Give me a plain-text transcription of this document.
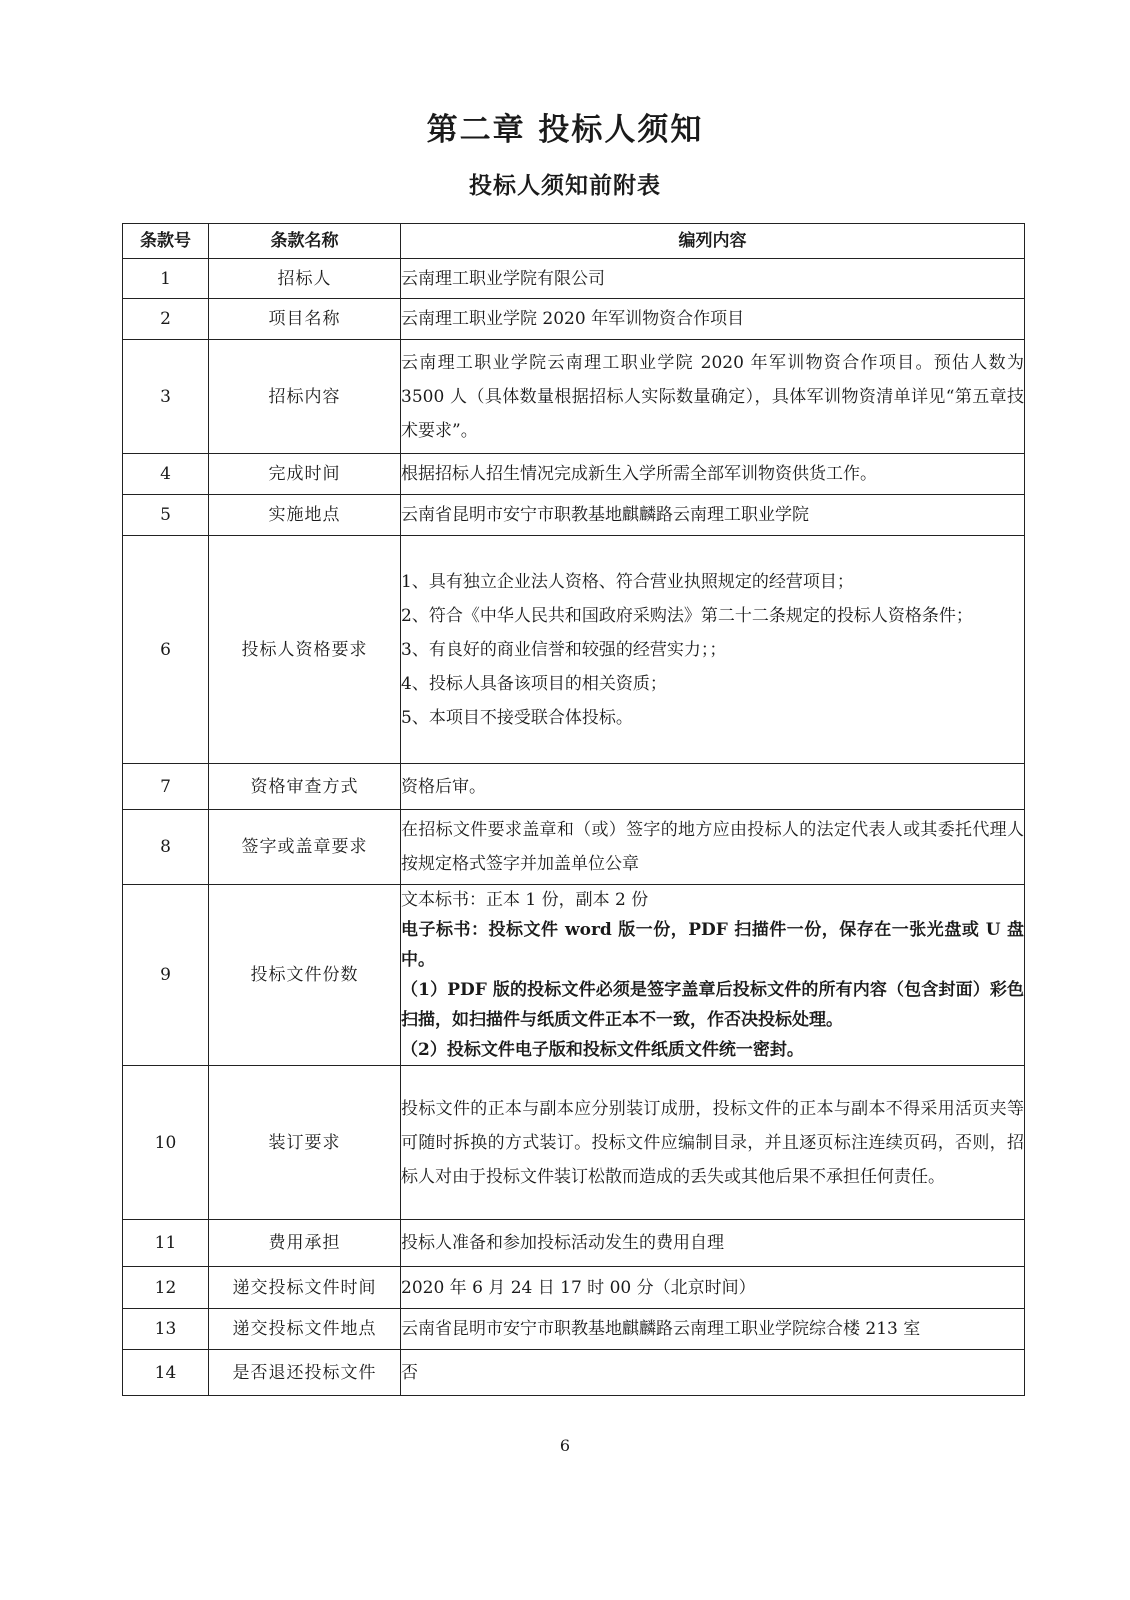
第二章 投标人须知
投标人须知前附表
条款号	条款名称	编列内容
1	招标人	云南理工职业学院有限公司

2	项目名称	云南理工职业学院 2020 年军训物资合作项目

3	招标内容	云南理工职业学院云南理工职业学院 2020 年军训物资合作项目。预估人数为 3500 人（具体数量根据招标人实际数量确定），具体军训物资清单详见“第五章技术要求”。

4	完成时间	根据招标人招生情况完成新生入学所需全部军训物资供货工作。

5	实施地点	云南省昆明市安宁市职教基地麒麟路云南理工职业学院

6	投标人资格要求	1、具有独立企业法人资格、符合营业执照规定的经营项目；
2、符合《中华人民共和国政府采购法》第二十二条规定的投标人资格条件；
3、有良好的商业信誉和较强的经营实力；；
4、投标人具备该项目的相关资质；
5、本项目不接受联合体投标。

7	资格审查方式	资格后审。

8	签字或盖章要求	在招标文件要求盖章和（或）签字的地方应由投标人的法定代表人或其委托代理人按规定格式签字并加盖单位公章

9	投标文件份数	文本标书：正本 1 份，副本 2 份
电子标书：投标文件 word 版一份，PDF 扫描件一份，保存在一张光盘或 U 盘中。
（1）PDF 版的投标文件必须是签字盖章后投标文件的所有内容（包含封面）彩色扫描，如扫描件与纸质文件正本不一致，作否决投标处理。
（2）投标文件电子版和投标文件纸质文件统一密封。

10	装订要求	投标文件的正本与副本应分别装订成册，投标文件的正本与副本不得采用活页夹等可随时拆换的方式装订。投标文件应编制目录，并且逐页标注连续页码，否则，招标人对由于投标文件装订松散而造成的丢失或其他后果不承担任何责任。

11	费用承担	投标人准备和参加投标活动发生的费用自理

12	递交投标文件时间	2020 年 6 月 24 日 17 时 00 分（北京时间）

13	递交投标文件地点	云南省昆明市安宁市职教基地麒麟路云南理工职业学院综合楼 213 室

14	是否退还投标文件	否
6
